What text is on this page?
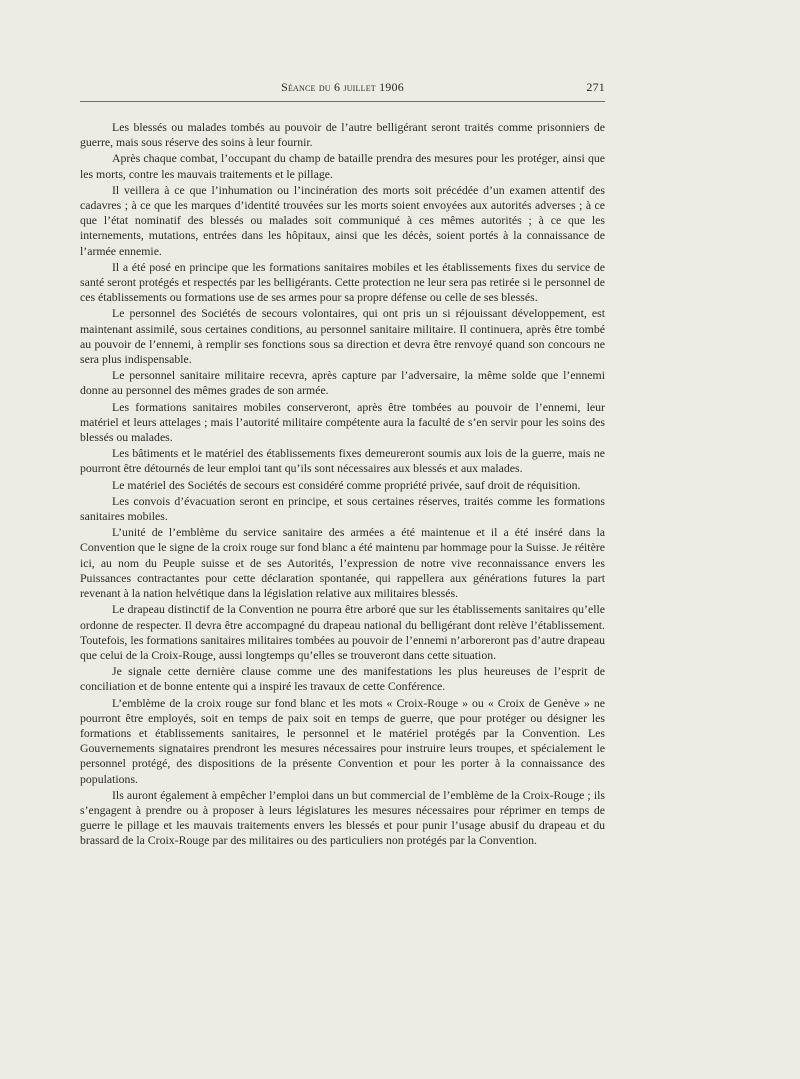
Séance du 6 juillet 1906	271

Les blessés ou malades tombés au pouvoir de l’autre belligérant seront traités comme prisonniers de guerre, mais sous réserve des soins à leur fournir.

Après chaque combat, l’occupant du champ de bataille prendra des mesures pour les protéger, ainsi que les morts, contre les mauvais traitements et le pillage.

Il veillera à ce que l’inhumation ou l’incinération des morts soit précédée d’un examen attentif des cadavres ; à ce que les marques d’identité trouvées sur les morts soient envoyées aux autorités adverses ; à ce que l’état nominatif des blessés ou malades soit communiqué à ces mêmes autorités ; à ce que les internements, mutations, entrées dans les hôpitaux, ainsi que les décès, soient portés à la connaissance de l’armée ennemie.

Il a été posé en principe que les formations sanitaires mobiles et les établissements fixes du service de santé seront protégés et respectés par les belligérants. Cette protection ne leur sera pas retirée si le personnel de ces établissements ou formations use de ses armes pour sa propre défense ou celle de ses blessés.

Le personnel des Sociétés de secours volontaires, qui ont pris un si réjouissant développement, est maintenant assimilé, sous certaines conditions, au personnel sanitaire militaire. Il continuera, après être tombé au pouvoir de l’ennemi, à remplir ses fonctions sous sa direction et devra être renvoyé quand son concours ne sera plus indispensable.

Le personnel sanitaire militaire recevra, après capture par l’adversaire, la même solde que l’ennemi donne au personnel des mêmes grades de son armée.

Les formations sanitaires mobiles conserveront, après être tombées au pouvoir de l’ennemi, leur matériel et leurs attelages ; mais l’autorité militaire compétente aura la faculté de s’en servir pour les soins des blessés ou malades.

Les bâtiments et le matériel des établissements fixes demeureront soumis aux lois de la guerre, mais ne pourront être détournés de leur emploi tant qu’ils sont nécessaires aux blessés et aux malades.

Le matériel des Sociétés de secours est considéré comme propriété privée, sauf droit de réquisition.

Les convois d’évacuation seront en principe, et sous certaines réserves, traités comme les formations sanitaires mobiles.

L’unité de l’emblème du service sanitaire des armées a été maintenue et il a été inséré dans la Convention que le signe de la croix rouge sur fond blanc a été maintenu par hommage pour la Suisse. Je réitère ici, au nom du Peuple suisse et de ses Autorités, l’expression de notre vive reconnaissance envers les Puissances contractantes pour cette déclaration spontanée, qui rappellera aux générations futures la part revenant à la nation helvétique dans la législation relative aux militaires blessés.

Le drapeau distinctif de la Convention ne pourra être arboré que sur les établissements sanitaires qu’elle ordonne de respecter. Il devra être accompagné du drapeau national du belligérant dont relève l’établissement. Toutefois, les formations sanitaires militaires tombées au pouvoir de l’ennemi n’arboreront pas d’autre drapeau que celui de la Croix-Rouge, aussi longtemps qu’elles se trouveront dans cette situation.

Je signale cette dernière clause comme une des manifestations les plus heureuses de l’esprit de conciliation et de bonne entente qui a inspiré les travaux de cette Conférence.

L’emblème de la croix rouge sur fond blanc et les mots « Croix-Rouge » ou « Croix de Genève » ne pourront être employés, soit en temps de paix soit en temps de guerre, que pour protéger ou désigner les formations et établissements sanitaires, le personnel et le matériel protégés par la Convention. Les Gouvernements signataires prendront les mesures nécessaires pour instruire leurs troupes, et spécialement le personnel protégé, des dispositions de la présente Convention et pour les porter à la connaissance des populations.

Ils auront également à empêcher l’emploi dans un but commercial de l’emblème de la Croix-Rouge ; ils s’engagent à prendre ou à proposer à leurs législatures les mesures nécessaires pour réprimer en temps de guerre le pillage et les mauvais traitements envers les blessés et pour punir l’usage abusif du drapeau et du brassard de la Croix-Rouge par des militaires ou des particuliers non protégés par la Convention.
